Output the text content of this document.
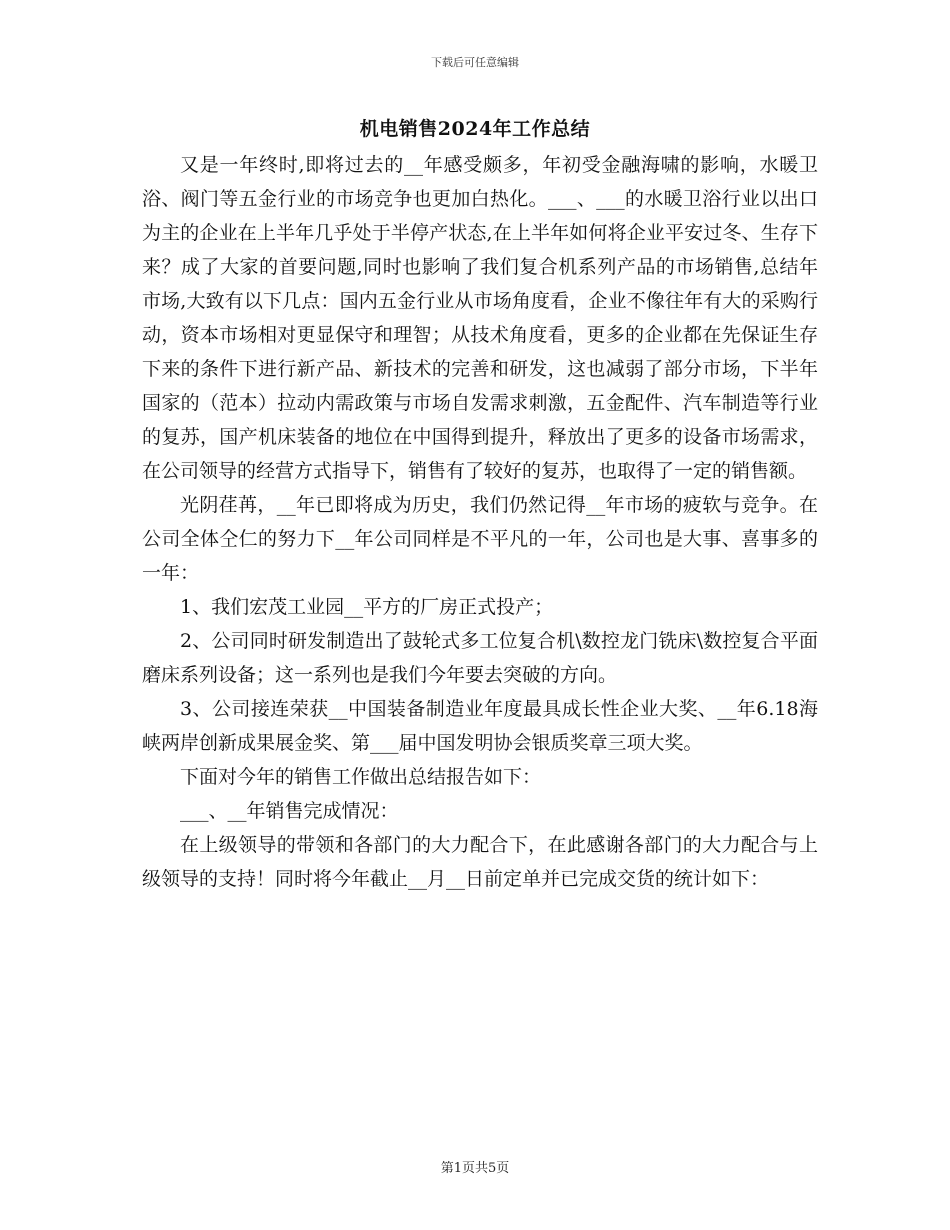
下载后可任意编辑
机电销售2024年工作总结

又是一年终时,即将过去的__年感受颇多，年初受金融海啸的影响，水暖卫浴、阀门等五金行业的市场竞争也更加白热化。___、___的水暖卫浴行业以出口为主的企业在上半年几乎处于半停产状态,在上半年如何将企业平安过冬、生存下来？成了大家的首要问题,同时也影响了我们复合机系列产品的市场销售,总结年市场,大致有以下几点：国内五金行业从市场角度看，企业不像往年有大的采购行动，资本市场相对更显保守和理智；从技术角度看，更多的企业都在先保证生存下来的条件下进行新产品、新技术的完善和研发，这也减弱了部分市场，下半年国家的（范本）拉动内需政策与市场自发需求刺激，五金配件、汽车制造等行业的复苏，国产机床装备的地位在中国得到提升，释放出了更多的设备市场需求，在公司领导的经营方式指导下，销售有了较好的复苏，也取得了一定的销售额。

光阴荏苒，__年已即将成为历史，我们仍然记得__年市场的疲软与竞争。在公司全体仝仁的努力下__年公司同样是不平凡的一年，公司也是大事、喜事多的一年：

1、我们宏茂工业园__平方的厂房正式投产；

2、公司同时研发制造出了鼓轮式多工位复合机\数控龙门铣床\数控复合平面磨床系列设备；这一系列也是我们今年要去突破的方向。

3、公司接连荣获__中国装备制造业年度最具成长性企业大奖、__年6.18海峡两岸创新成果展金奖、第___届中国发明协会银质奖章三项大奖。

下面对今年的销售工作做出总结报告如下：

___、__年销售完成情况：

在上级领导的带领和各部门的大力配合下，在此感谢各部门的大力配合与上级领导的支持！同时将今年截止__月__日前定单并已完成交货的统计如下：

第1页共5页
